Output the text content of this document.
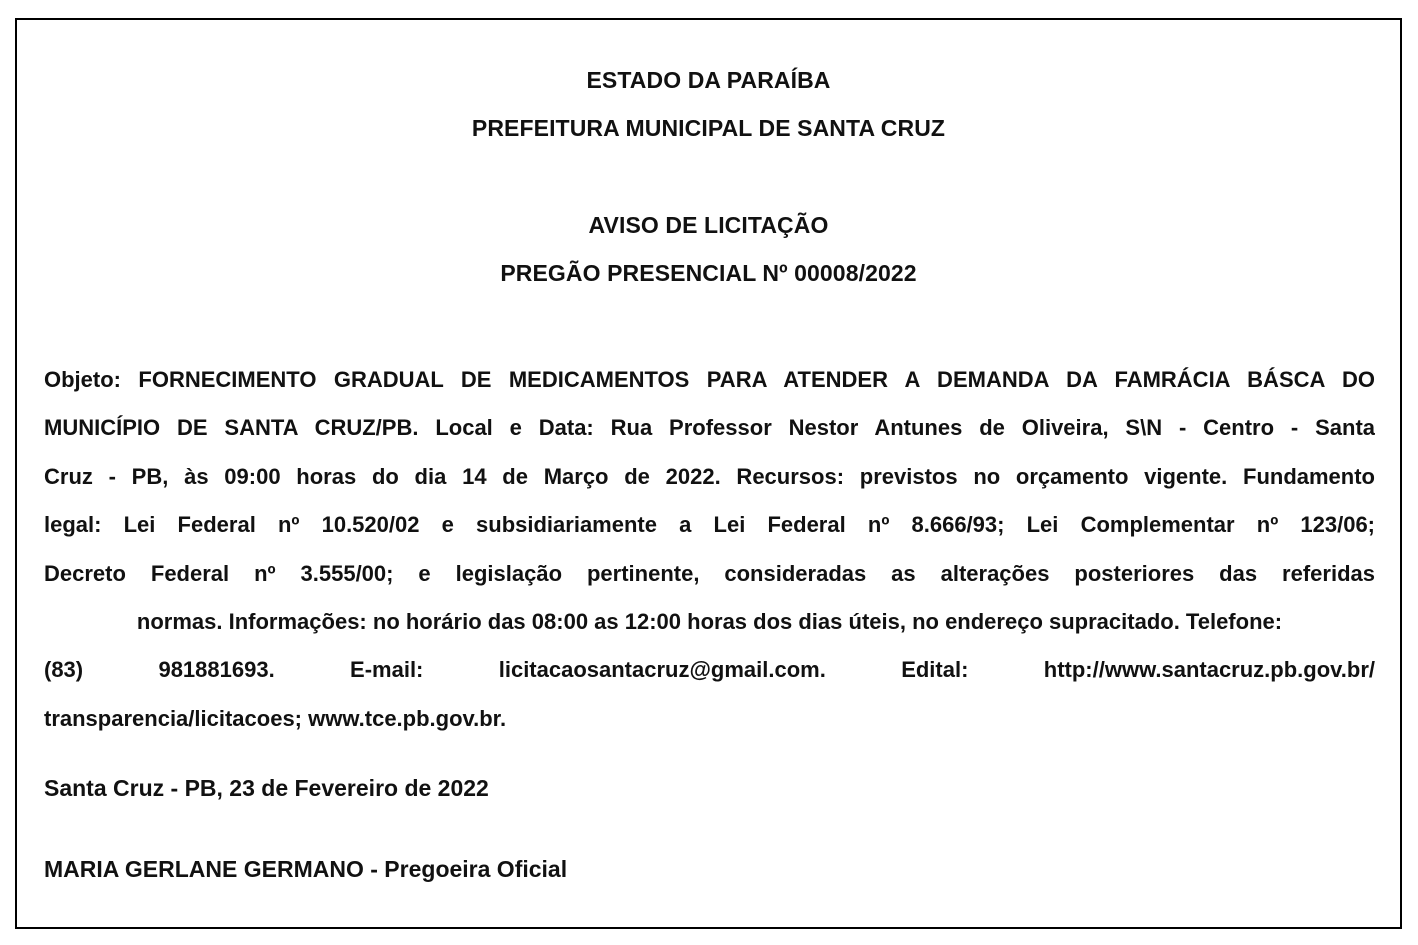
ESTADO DA PARAÍBA
PREFEITURA MUNICIPAL DE SANTA CRUZ
AVISO DE LICITAÇÃO
PREGÃO PRESENCIAL Nº 00008/2022
Objeto: FORNECIMENTO GRADUAL DE MEDICAMENTOS PARA ATENDER A DEMANDA DA FAMRÁCIA BÁSCA DO
MUNICÍPIO DE SANTA CRUZ/PB. Local e Data: Rua Professor Nestor Antunes de Oliveira, S\N - Centro - Santa
Cruz - PB, às 09:00 horas do dia 14 de Março de 2022. Recursos: previstos no orçamento vigente. Fundamento
legal: Lei Federal nº 10.520/02 e subsidiariamente a Lei Federal nº 8.666/93; Lei Complementar nº 123/06;
Decreto Federal nº 3.555/00; e legislação pertinente, consideradas as alterações posteriores das referidas
normas. Informações: no horário das 08:00 as 12:00 horas dos dias úteis, no endereço supracitado. Telefone:
(83) 981881693. E-mail: licitacaosantacruz@gmail.com. Edital: http://www.santacruz.pb.gov.br/
transparencia/licitacoes; www.tce.pb.gov.br.
Santa Cruz - PB, 23 de Fevereiro de 2022
MARIA GERLANE GERMANO - Pregoeira Oficial
